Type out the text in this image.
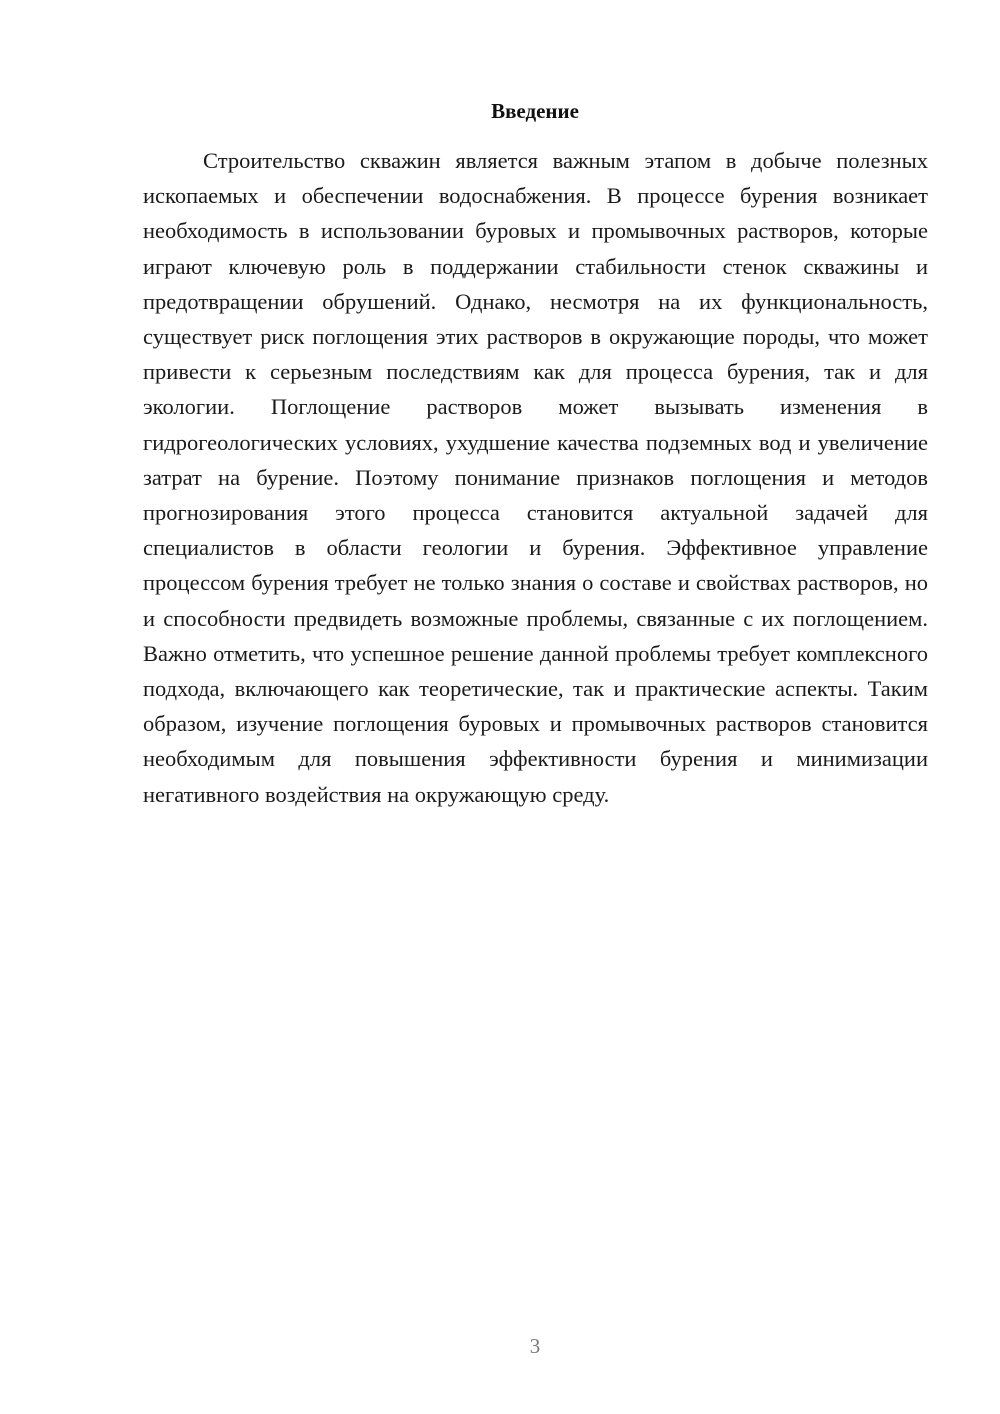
Введение

Строительство скважин является важным этапом в добыче полезных ископаемых и обеспечении водоснабжения. В процессе бурения возникает необходимость в использовании буровых и промывочных растворов, которые играют ключевую роль в поддержании стабильности стенок скважины и предотвращении обрушений. Однако, несмотря на их функциональность, существует риск поглощения этих растворов в окружающие породы, что может привести к серьезным последствиям как для процесса бурения, так и для экологии. Поглощение растворов может вызывать изменения в гидрогеологических условиях, ухудшение качества подземных вод и увеличение затрат на бурение. Поэтому понимание признаков поглощения и методов прогнозирования этого процесса становится актуальной задачей для специалистов в области геологии и бурения. Эффективное управление процессом бурения требует не только знания о составе и свойствах растворов, но и способности предвидеть возможные проблемы, связанные с их поглощением. Важно отметить, что успешное решение данной проблемы требует комплексного подхода, включающего как теоретические, так и практические аспекты. Таким образом, изучение поглощения буровых и промывочных растворов становится необходимым для повышения эффективности бурения и минимизации негативного воздействия на окружающую среду.

3
